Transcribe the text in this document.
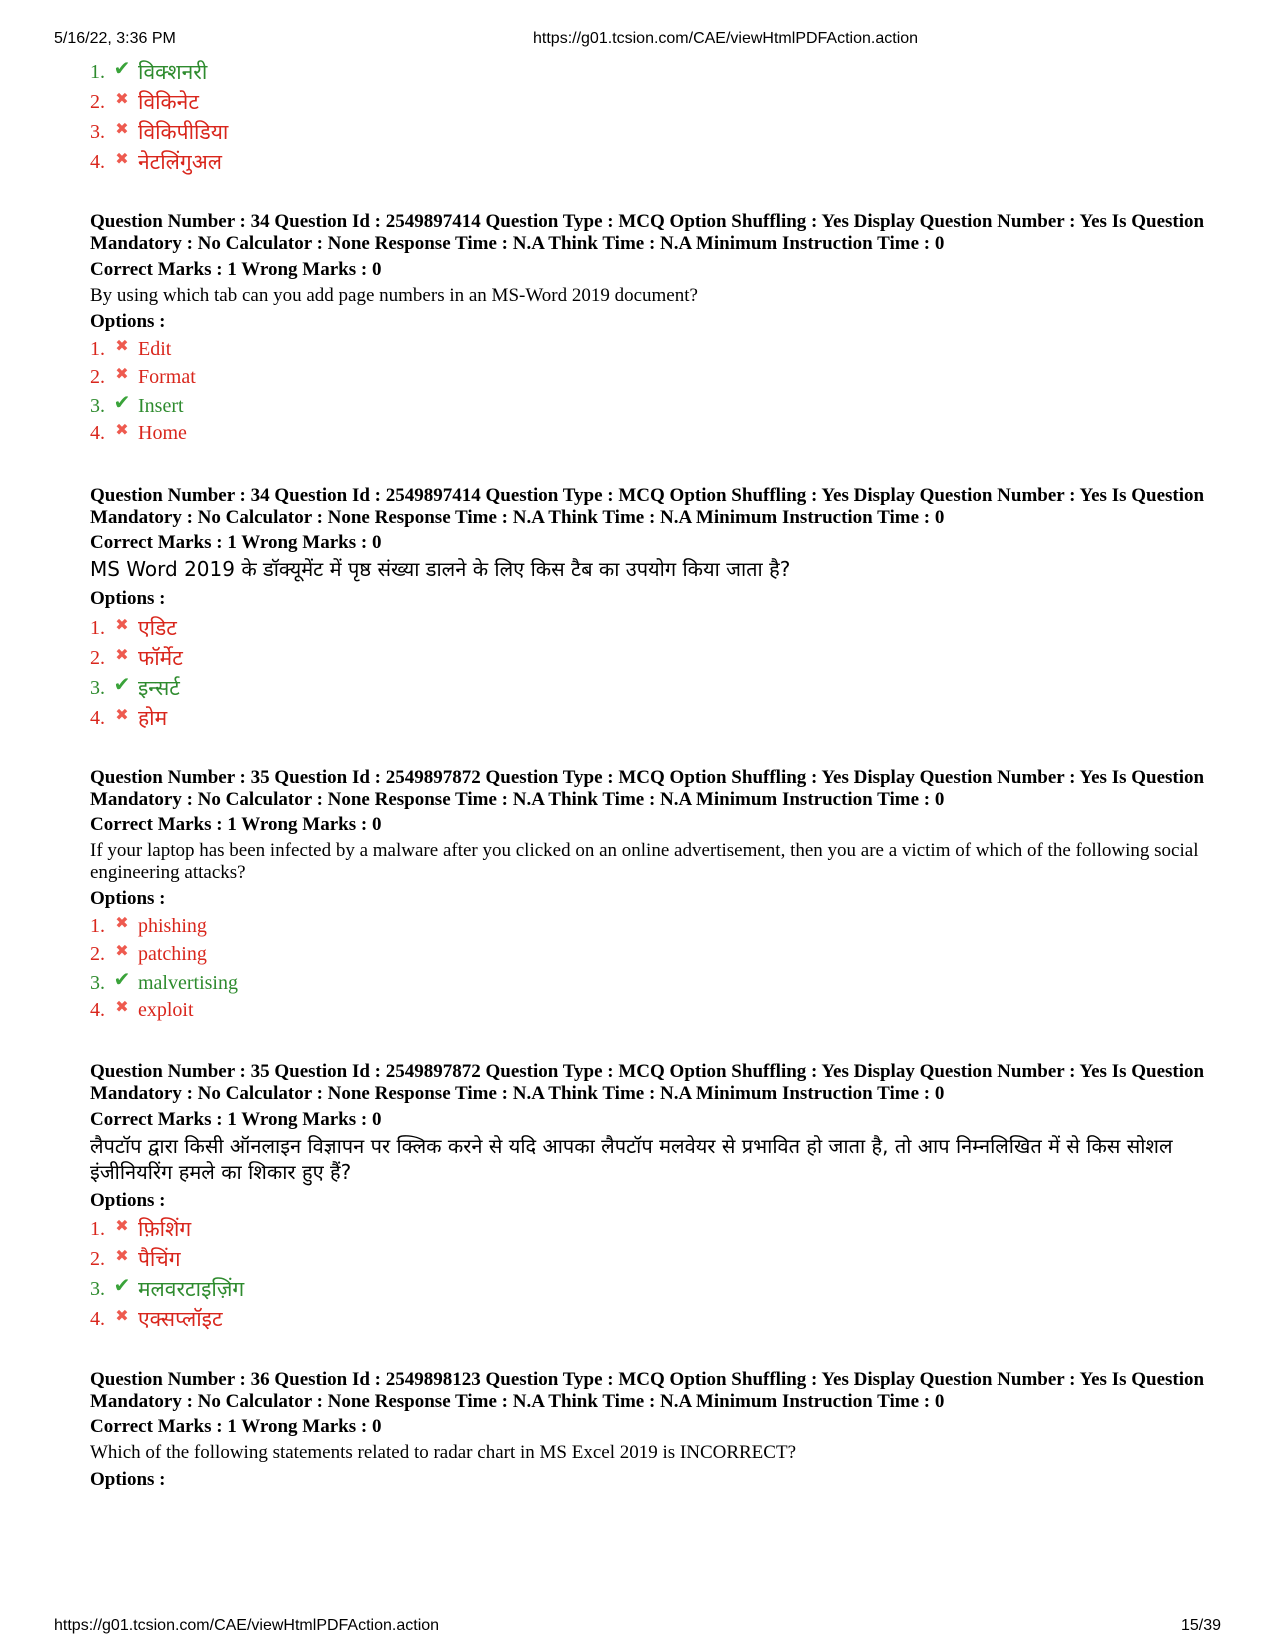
5/16/22, 3:36 PM	https://g01.tcsion.com/CAE/viewHtmlPDFAction.action
1. ✔ विक्शनरी
2. ✖ विकिनेट
3. ✖ विकिपीडिया
4. ✖ नेटलिंगुअल
Question Number : 34 Question Id : 2549897414 Question Type : MCQ Option Shuffling : Yes Display Question Number : Yes Is Question Mandatory : No Calculator : None Response Time : N.A Think Time : N.A Minimum Instruction Time : 0
Correct Marks : 1 Wrong Marks : 0
By using which tab can you add page numbers in an MS-Word 2019 document?
Options :
1. ✖ Edit
2. ✖ Format
3. ✔ Insert
4. ✖ Home
Question Number : 34 Question Id : 2549897414 Question Type : MCQ Option Shuffling : Yes Display Question Number : Yes Is Question Mandatory : No Calculator : None Response Time : N.A Think Time : N.A Minimum Instruction Time : 0
Correct Marks : 1 Wrong Marks : 0
MS Word 2019 के डॉक्यूमेंट में पृष्ठ संख्या डालने के लिए किस टैब का उपयोग किया जाता है?
Options :
1. ✖ एडिट
2. ✖ फॉर्मेट
3. ✔ इन्सर्ट
4. ✖ होम
Question Number : 35 Question Id : 2549897872 Question Type : MCQ Option Shuffling : Yes Display Question Number : Yes Is Question Mandatory : No Calculator : None Response Time : N.A Think Time : N.A Minimum Instruction Time : 0
Correct Marks : 1 Wrong Marks : 0
If your laptop has been infected by a malware after you clicked on an online advertisement, then you are a victim of which of the following social engineering attacks?
Options :
1. ✖ phishing
2. ✖ patching
3. ✔ malvertising
4. ✖ exploit
Question Number : 35 Question Id : 2549897872 Question Type : MCQ Option Shuffling : Yes Display Question Number : Yes Is Question Mandatory : No Calculator : None Response Time : N.A Think Time : N.A Minimum Instruction Time : 0
Correct Marks : 1 Wrong Marks : 0
लैपटॉप द्वारा किसी ऑनलाइन विज्ञापन पर क्लिक करने से यदि आपका लैपटॉप मलवेयर से प्रभावित हो जाता है, तो आप निम्नलिखित में से किस सोशल इंजीनियरिंग हमले का शिकार हुए हैं?
Options :
1. ✖ फ़िशिंग
2. ✖ पैचिंग
3. ✔ मलवरटाइज़िंग
4. ✖ एक्सप्लॉइट
Question Number : 36 Question Id : 2549898123 Question Type : MCQ Option Shuffling : Yes Display Question Number : Yes Is Question Mandatory : No Calculator : None Response Time : N.A Think Time : N.A Minimum Instruction Time : 0
Correct Marks : 1 Wrong Marks : 0
Which of the following statements related to radar chart in MS Excel 2019 is INCORRECT?
Options :
https://g01.tcsion.com/CAE/viewHtmlPDFAction.action	15/39
